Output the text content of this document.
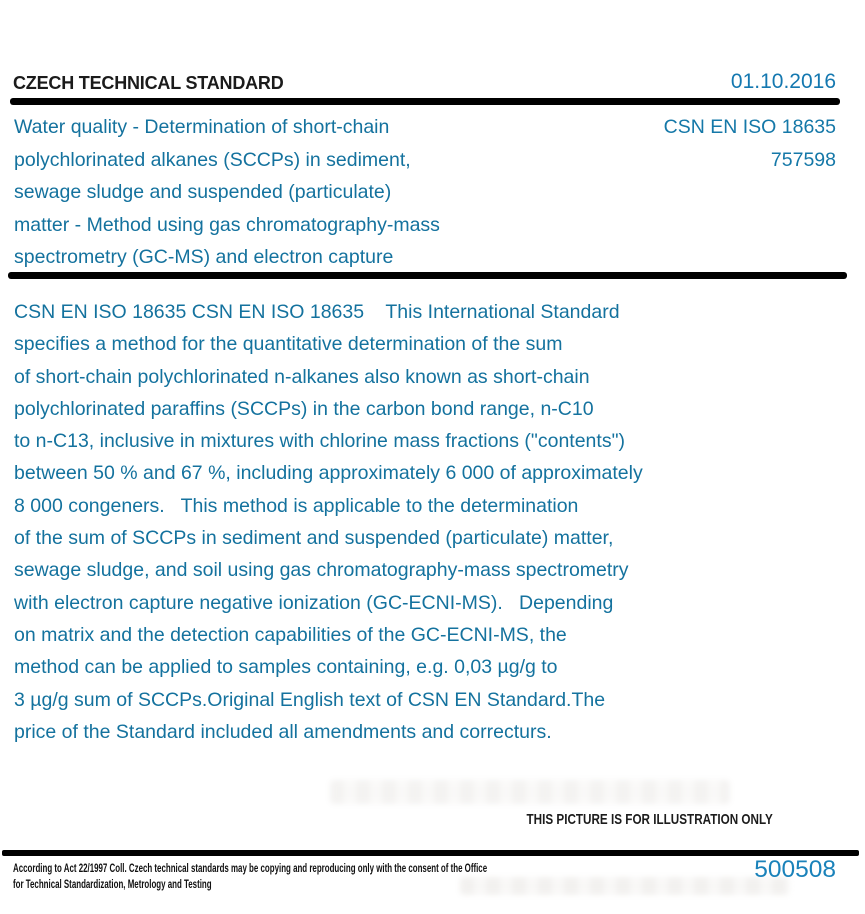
CZECH TECHNICAL STANDARD	01.10.2016
Water quality - Determination of short-chain
polychlorinated alkanes (SCCPs) in sediment,
sewage sludge and suspended (particulate)
matter - Method using gas chromatography-mass
spectrometry (GC-MS) and electron capture
CSN EN ISO 18635
757598
CSN EN ISO 18635 CSN EN ISO 18635    This International Standard
specifies a method for the quantitative determination of the sum
of short-chain polychlorinated n-alkanes also known as short-chain
polychlorinated paraffins (SCCPs) in the carbon bond range, n-C10
to n-C13, inclusive in mixtures with chlorine mass fractions ("contents")
between 50 % and 67 %, including approximately 6 000 of approximately
8 000 congeners.   This method is applicable to the determination
of the sum of SCCPs in sediment and suspended (particulate) matter,
sewage sludge, and soil using gas chromatography-mass spectrometry
with electron capture negative ionization (GC-ECNI-MS).   Depending
on matrix and the detection capabilities of the GC-ECNI-MS, the
method can be applied to samples containing, e.g. 0,03 µg/g to
3 µg/g sum of SCCPs.Original English text of CSN EN Standard.The
price of the Standard included all amendments and correcturs.
THIS PICTURE IS FOR ILLUSTRATION ONLY
According to Act 22/1997 Coll. Czech technical standards may be copying and reproducing only with the consent of the Office
for Technical Standardization, Metrology and Testing
500508
